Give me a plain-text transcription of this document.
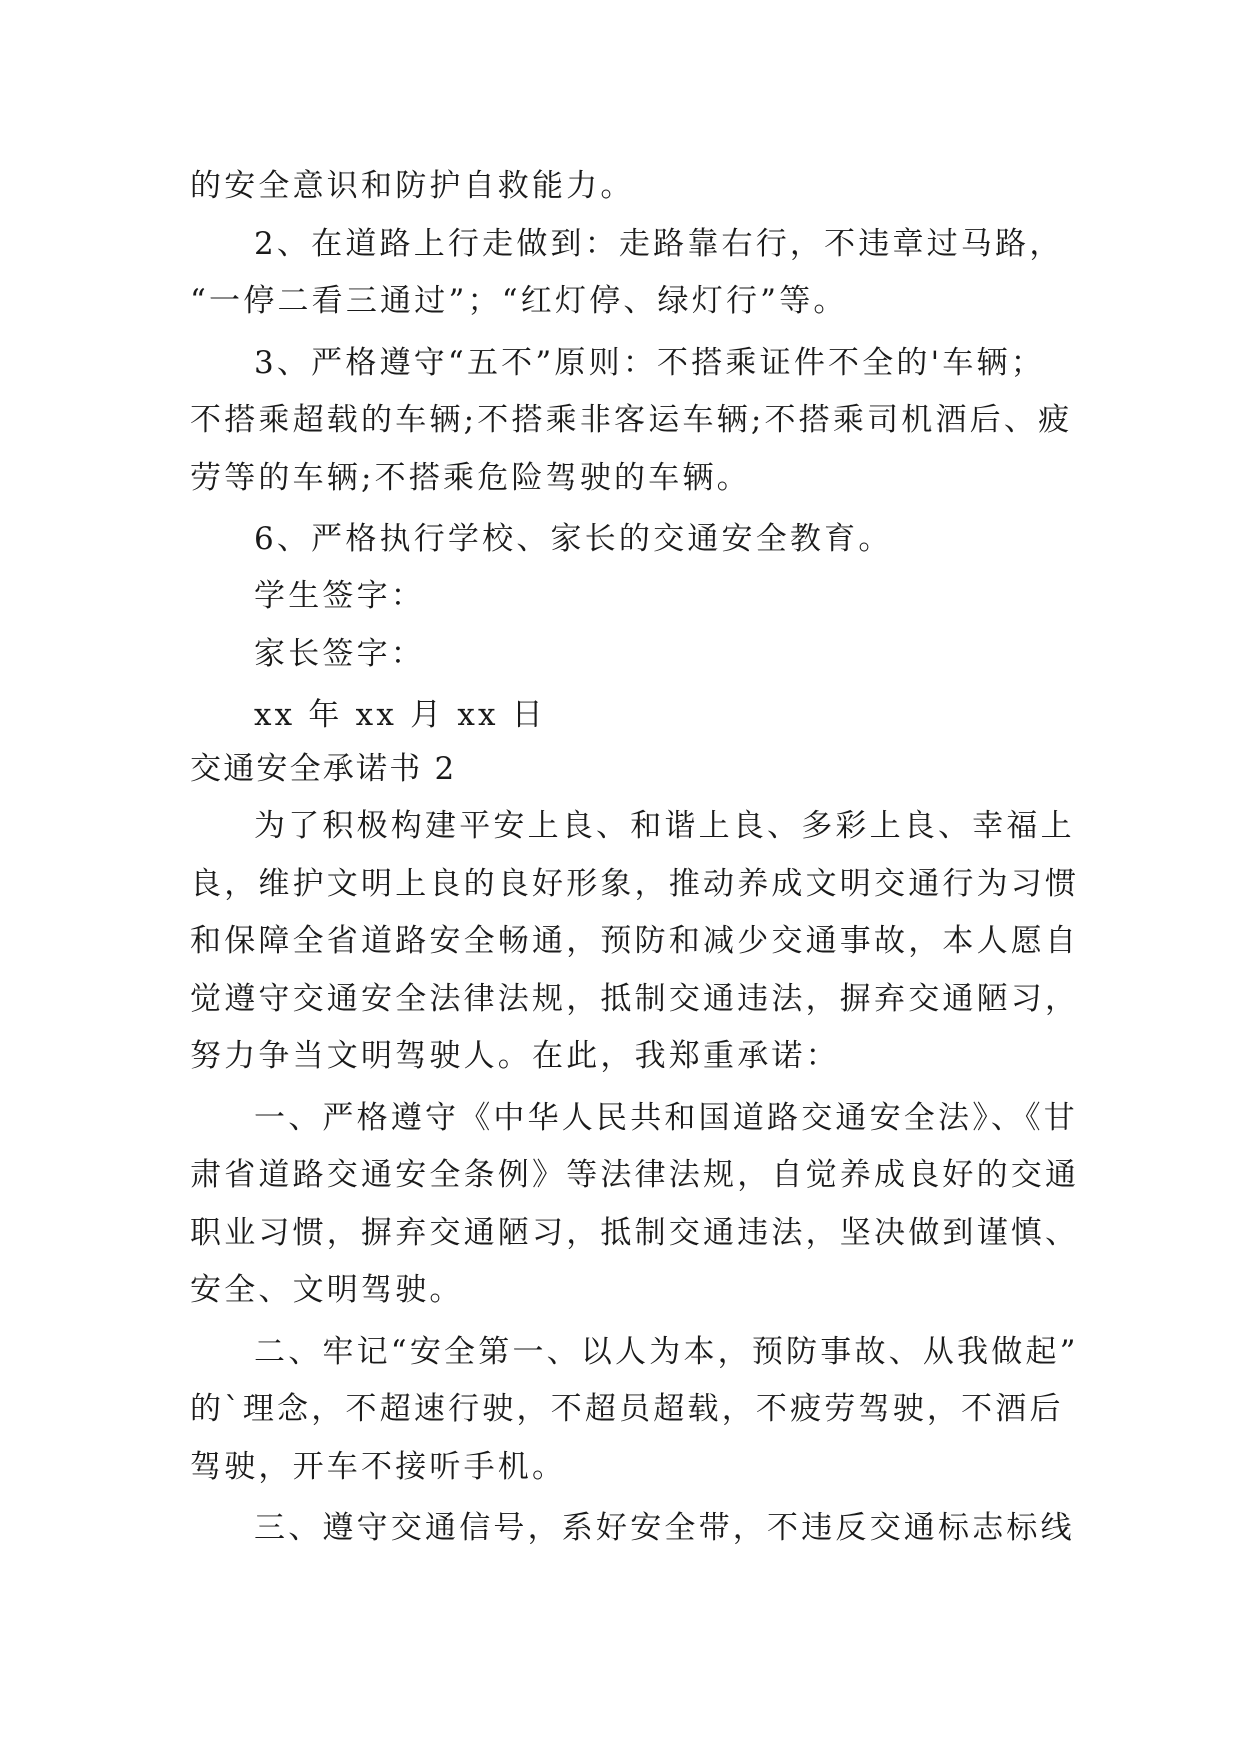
的安全意识和防护自救能力。
2、在道路上行走做到：走路靠右行，不违章过马路，
“一停二看三通过”；“红灯停、绿灯行”等。
3、严格遵守“五不”原则：不搭乘证件不全的'车辆；
不搭乘超载的车辆;不搭乘非客运车辆;不搭乘司机酒后、疲
劳等的车辆;不搭乘危险驾驶的车辆。
6、严格执行学校、家长的交通安全教育。
学生签字：
家长签字：
xx 年 xx 月 xx 日
交通安全承诺书 2
为了积极构建平安上良、和谐上良、多彩上良、幸福上
良，维护文明上良的良好形象，推动养成文明交通行为习惯
和保障全省道路安全畅通，预防和减少交通事故，本人愿自
觉遵守交通安全法律法规，抵制交通违法，摒弃交通陋习，
努力争当文明驾驶人。在此，我郑重承诺：
一、严格遵守《中华人民共和国道路交通安全法》、《甘
肃省道路交通安全条例》等法律法规，自觉养成良好的交通
职业习惯，摒弃交通陋习，抵制交通违法，坚决做到谨慎、
安全、文明驾驶。
二、牢记“安全第一、以人为本，预防事故、从我做起”
的`理念，不超速行驶，不超员超载，不疲劳驾驶，不酒后
驾驶，开车不接听手机。
三、遵守交通信号，系好安全带，不违反交通标志标线
